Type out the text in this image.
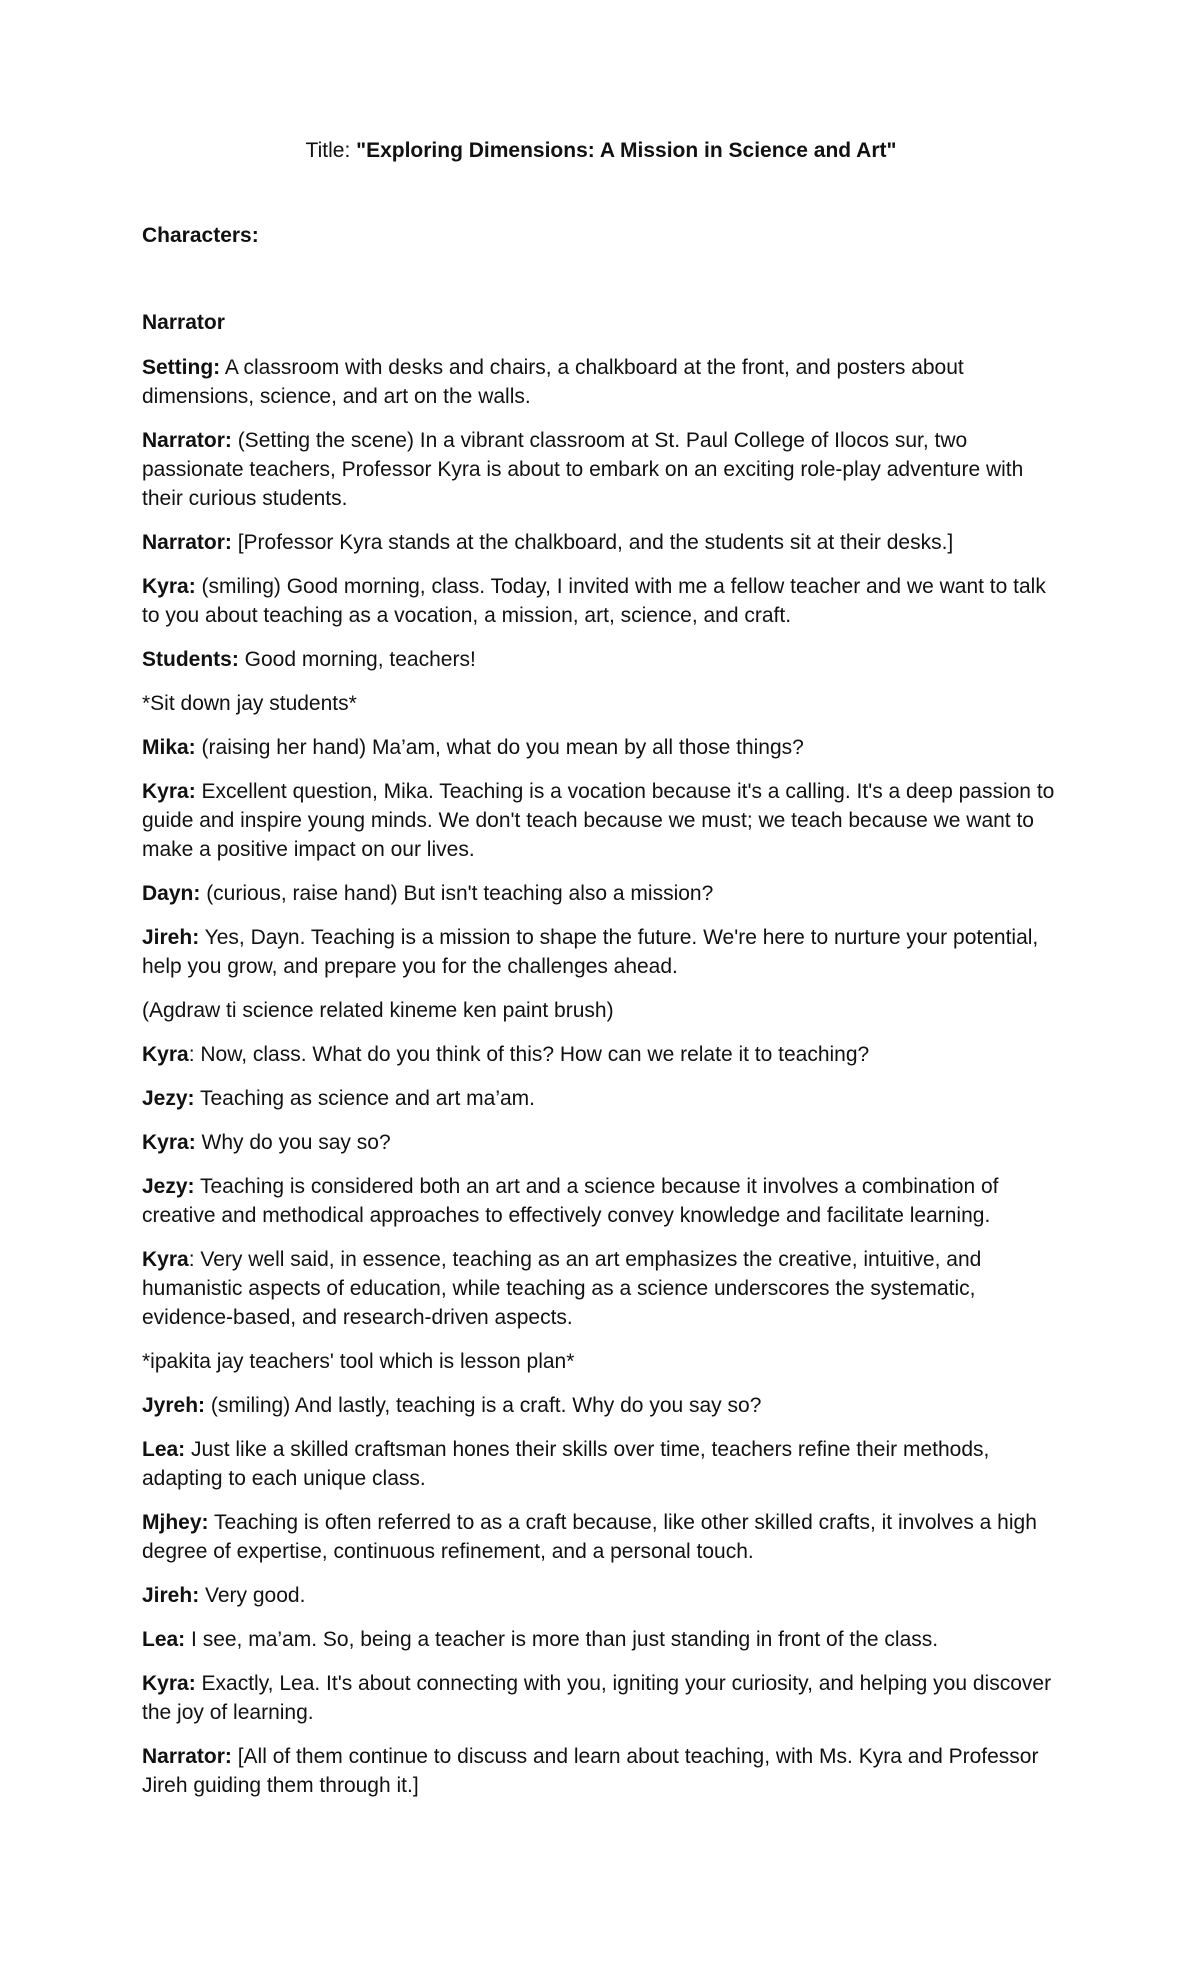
Title: "Exploring Dimensions: A Mission in Science and Art"

Characters:

Narrator

Setting: A classroom with desks and chairs, a chalkboard at the front, and posters about dimensions, science, and art on the walls.

Narrator: (Setting the scene) In a vibrant classroom at St. Paul College of Ilocos sur, two passionate teachers, Professor Kyra is about to embark on an exciting role-play adventure with their curious students.

Narrator: [Professor Kyra stands at the chalkboard, and the students sit at their desks.]

Kyra: (smiling) Good morning, class. Today, I invited with me a fellow teacher and we want to talk to you about teaching as a vocation, a mission, art, science, and craft.

Students: Good morning, teachers!

*Sit down jay students*

Mika: (raising her hand) Ma’am, what do you mean by all those things?

Kyra: Excellent question, Mika. Teaching is a vocation because it's a calling. It's a deep passion to guide and inspire young minds. We don't teach because we must; we teach because we want to make a positive impact on our lives.

Dayn: (curious, raise hand) But isn't teaching also a mission?

Jireh: Yes, Dayn. Teaching is a mission to shape the future. We're here to nurture your potential, help you grow, and prepare you for the challenges ahead.

(Agdraw ti science related kineme ken paint brush)

Kyra: Now, class. What do you think of this? How can we relate it to teaching?

Jezy: Teaching as science and art ma’am.

Kyra: Why do you say so?

Jezy: Teaching is considered both an art and a science because it involves a combination of creative and methodical approaches to effectively convey knowledge and facilitate learning.

Kyra: Very well said, in essence, teaching as an art emphasizes the creative, intuitive, and humanistic aspects of education, while teaching as a science underscores the systematic, evidence-based, and research-driven aspects.

*ipakita jay teachers' tool which is lesson plan*

Jyreh: (smiling) And lastly, teaching is a craft. Why do you say so?

Lea: Just like a skilled craftsman hones their skills over time, teachers refine their methods, adapting to each unique class.

Mjhey: Teaching is often referred to as a craft because, like other skilled crafts, it involves a high degree of expertise, continuous refinement, and a personal touch.

Jireh: Very good.

Lea: I see, ma’am. So, being a teacher is more than just standing in front of the class.

Kyra: Exactly, Lea. It's about connecting with you, igniting your curiosity, and helping you discover the joy of learning.

Narrator: [All of them continue to discuss and learn about teaching, with Ms. Kyra and Professor Jireh guiding them through it.]
